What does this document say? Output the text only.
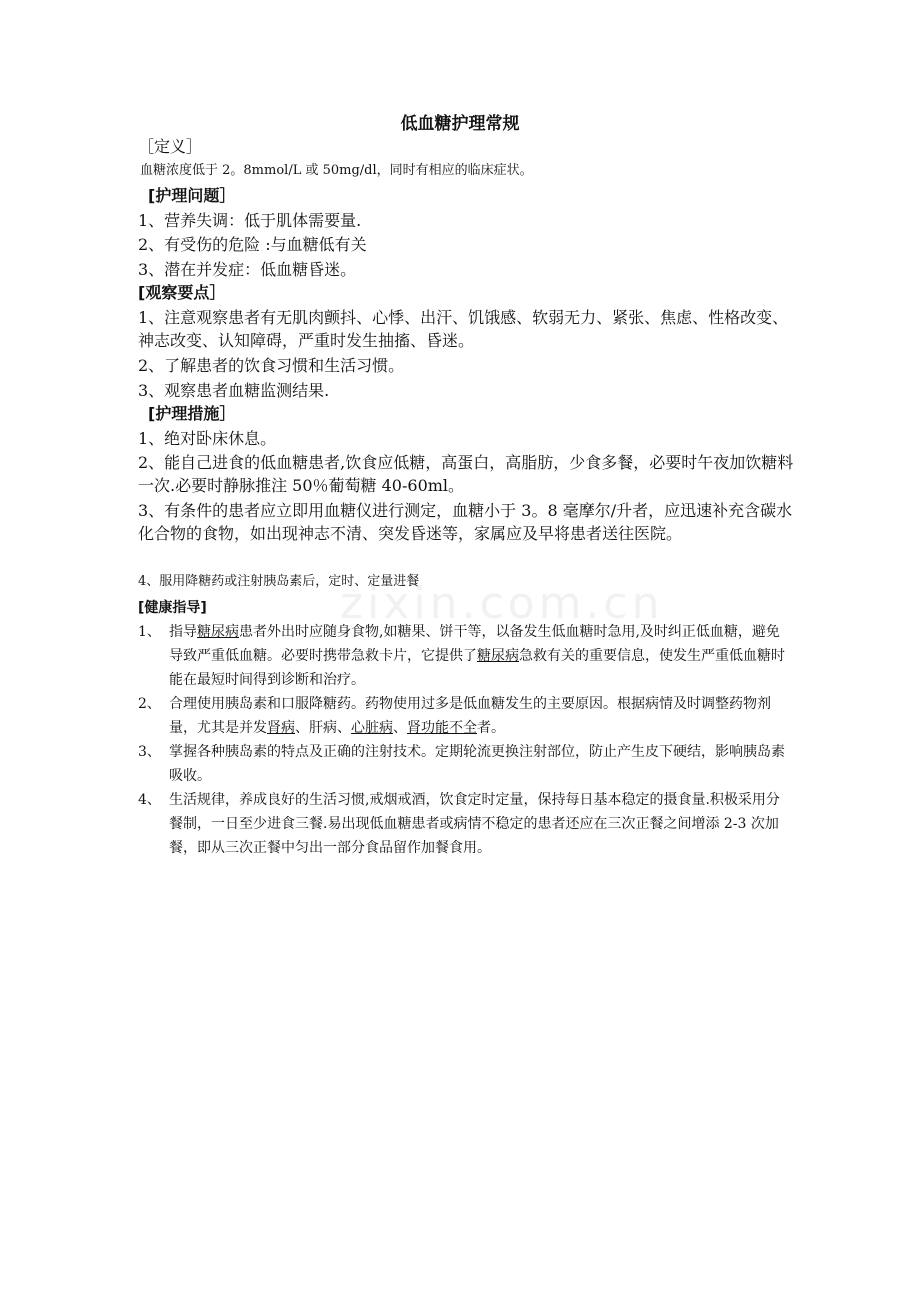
zixin.com.cn
低血糖护理常规
［定义］
血糖浓度低于 2。8mmol/L 或 50mg/dl，同时有相应的临床症状。
[护理问题］
1、营养失调：低于肌体需要量.
2、有受伤的危险 :与血糖低有关
3、潜在并发症：低血糖昏迷。
[观察要点］
1、注意观察患者有无肌肉颤抖、心悸、出汗、饥饿感、软弱无力、紧张、焦虑、性格改变、神志改变、认知障碍，严重时发生抽搐、昏迷。
2、了解患者的饮食习惯和生活习惯。
3、观察患者血糖监测结果.
[护理措施］
1、绝对卧床休息。
2、能自己进食的低血糖患者,饮食应低糖，高蛋白，高脂肪，少食多餐，必要时午夜加饮糖料一次.必要时静脉推注 50％葡萄糖 40-60ml。
3、有条件的患者应立即用血糖仪进行测定，血糖小于 3。8 毫摩尔/升者，应迅速补充含碳水化合物的食物，如出现神志不清、突发昏迷等，家属应及早将患者送往医院。
4、服用降糖药或注射胰岛素后，定时、定量进餐
[健康指导]
1、 指导糖尿病患者外出时应随身食物,如糖果、饼干等，以备发生低血糖时急用,及时纠正低血糖，避免导致严重低血糖。必要时携带急救卡片，它提供了糖尿病急救有关的重要信息，使发生严重低血糖时能在最短时间得到诊断和治疗。
2、 合理使用胰岛素和口服降糖药。药物使用过多是低血糖发生的主要原因。根据病情及时调整药物剂量，尤其是并发肾病、肝病、心脏病、肾功能不全者。
3、 掌握各种胰岛素的特点及正确的注射技术。定期轮流更换注射部位，防止产生皮下硬结，影响胰岛素吸收。
4、 生活规律，养成良好的生活习惯,戒烟戒酒，饮食定时定量，保持每日基本稳定的摄食量.积极采用分餐制，一日至少进食三餐.易出现低血糖患者或病情不稳定的患者还应在三次正餐之间增添 2-3 次加餐，即从三次正餐中匀出一部分食品留作加餐食用。
